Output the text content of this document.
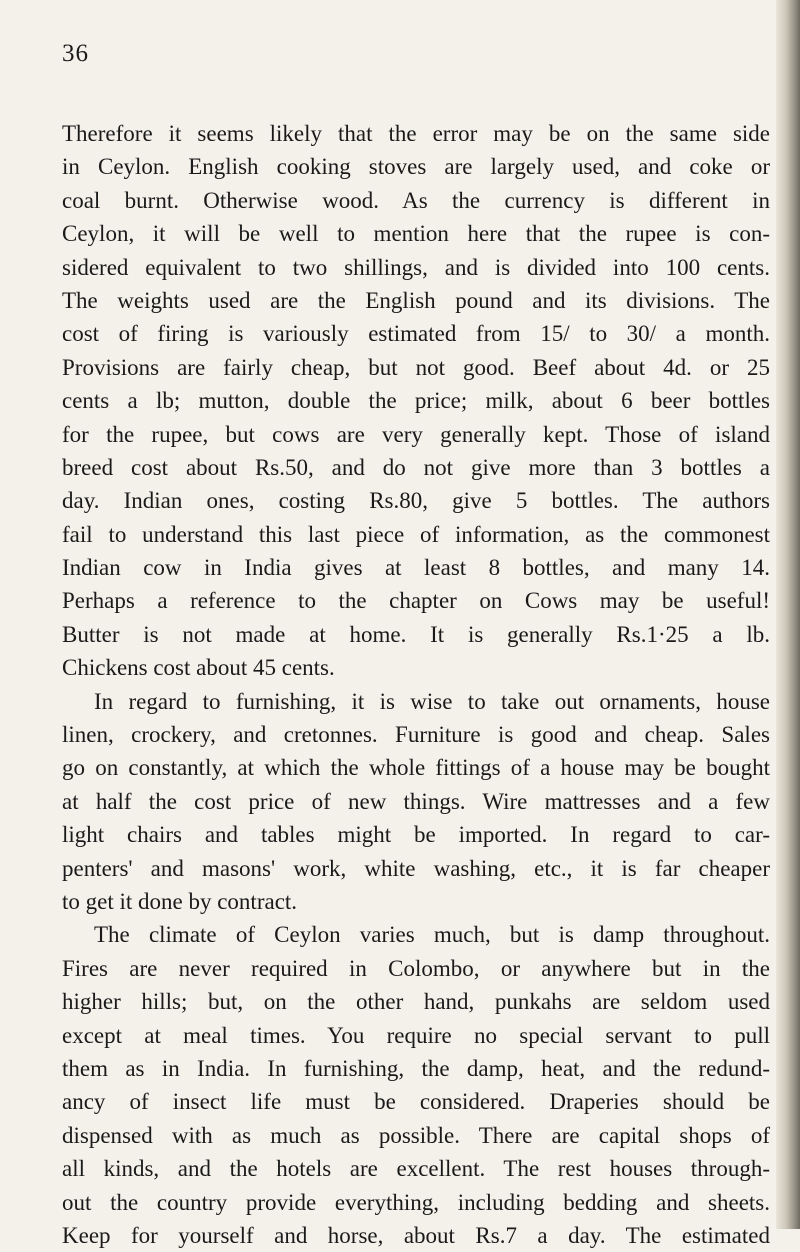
36
Therefore it seems likely that the error may be on the same side
in Ceylon. English cooking stoves are largely used, and coke or
coal burnt. Otherwise wood. As the currency is different in
Ceylon, it will be well to mention here that the rupee is con-
sidered equivalent to two shillings, and is divided into 100 cents.
The weights used are the English pound and its divisions. The
cost of firing is variously estimated from 15/ to 30/ a month.
Provisions are fairly cheap, but not good. Beef about 4d. or 25
cents a lb; mutton, double the price; milk, about 6 beer bottles
for the rupee, but cows are very generally kept. Those of island
breed cost about Rs.50, and do not give more than 3 bottles a
day. Indian ones, costing Rs.80, give 5 bottles. The authors
fail to understand this last piece of information, as the commonest
Indian cow in India gives at least 8 bottles, and many 14.
Perhaps a reference to the chapter on Cows may be useful!
Butter is not made at home. It is generally Rs.1·25 a lb.
Chickens cost about 45 cents.
In regard to furnishing, it is wise to take out ornaments, house
linen, crockery, and cretonnes. Furniture is good and cheap. Sales
go on constantly, at which the whole fittings of a house may be bought
at half the cost price of new things. Wire mattresses and a few
light chairs and tables might be imported. In regard to car-
penters' and masons' work, white washing, etc., it is far cheaper
to get it done by contract.
The climate of Ceylon varies much, but is damp throughout.
Fires are never required in Colombo, or anywhere but in the
higher hills; but, on the other hand, punkahs are seldom used
except at meal times. You require no special servant to pull
them as in India. In furnishing, the damp, heat, and the redund-
ancy of insect life must be considered. Draperies should be
dispensed with as much as possible. There are capital shops of
all kinds, and the hotels are excellent. The rest houses through-
out the country provide everything, including bedding and sheets.
Keep for yourself and horse, about Rs.7 a day. The estimated
